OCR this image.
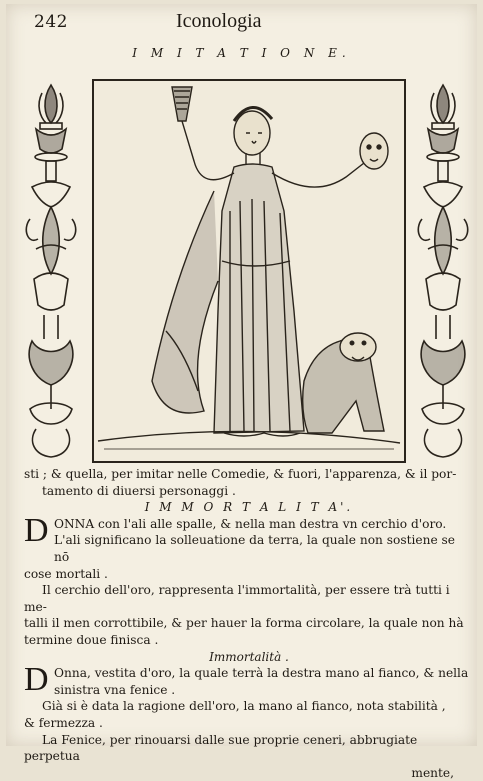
242	Iconologia
I M I T A T I O N E.

sti ; & quella, per imitar nelle Comedie, & fuori, l'apparenza, & il por-

tamento di diuersi personaggi .

I M M O R T A L I T A'.

D ONNA con l'ali alle spalle, & nella man destra vn cerchio d'oro.

L'ali significano la solleuatione da terra, la quale non sostiene se nō

cose mortali .

Il cerchio dell'oro, rappresenta l'immortalità, per essere trà tutti i me-

talli il men corrottibile, & per hauer la forma circolare, la quale non hà

termine doue finisca .

Immortalità .

D Onna, vestita d'oro, la quale terrà la destra mano al fianco, & nella

sinistra vna fenice .

Già si è data la ragione dell'oro, la mano al fianco, nota stabilità ,

& fermezza .

La Fenice, per rinouarsi dalle sue proprie ceneri, abbrugiate perpetua

mente,
